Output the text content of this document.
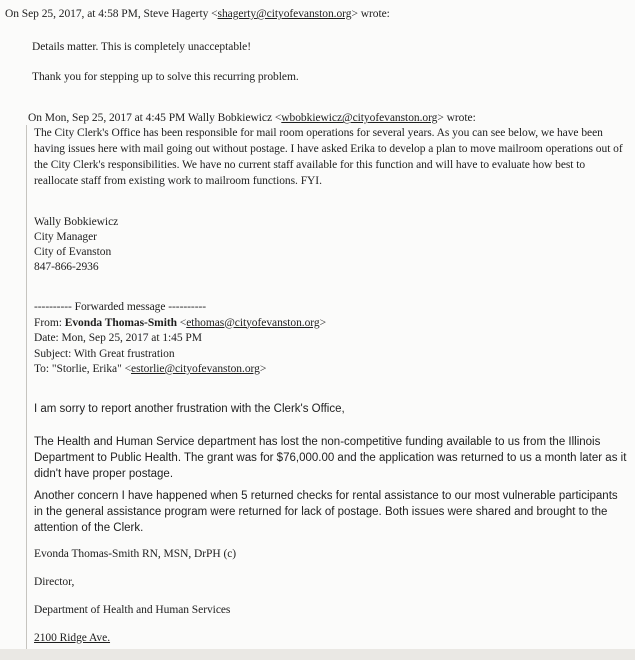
On Sep 25, 2017, at 4:58 PM, Steve Hagerty <shagerty@cityofevanston.org> wrote:

Details matter. This is completely unacceptable!

Thank you for stepping up to solve this recurring problem.

On Mon, Sep 25, 2017 at 4:45 PM Wally Bobkiewicz <wbobkiewicz@cityofevanston.org> wrote:

The City Clerk's Office has been responsible for mail room operations for several years. As you can see below, we have been having issues here with mail going out without postage. I have asked Erika to develop a plan to move mailroom operations out of the City Clerk's responsibilities. We have no current staff available for this function and will have to evaluate how best to reallocate staff from existing work to mailroom functions. FYI.

Wally Bobkiewicz

City Manager

City of Evanston

847-866-2936

---------- Forwarded message ----------

From: Evonda Thomas-Smith <ethomas@cityofevanston.org>

Date: Mon, Sep 25, 2017 at 1:45 PM

Subject: With Great frustration

To: "Storlie, Erika" <estorlie@cityofevanston.org>

I am sorry to report another frustration with the Clerk's Office,

The Health and Human Service department has lost the non-competitive funding available to us from the Illinois Department to Public Health. The grant was for $76,000.00 and the application was returned to us a month later as it didn't have proper postage.

Another concern I have happened when 5 returned checks for rental assistance to our most vulnerable participants in the general assistance program were returned for lack of postage. Both issues were shared and brought to the attention of the Clerk.

Evonda Thomas-Smith RN, MSN, DrPH (c)

Director,

Department of Health and Human Services

2100 Ridge Ave.
